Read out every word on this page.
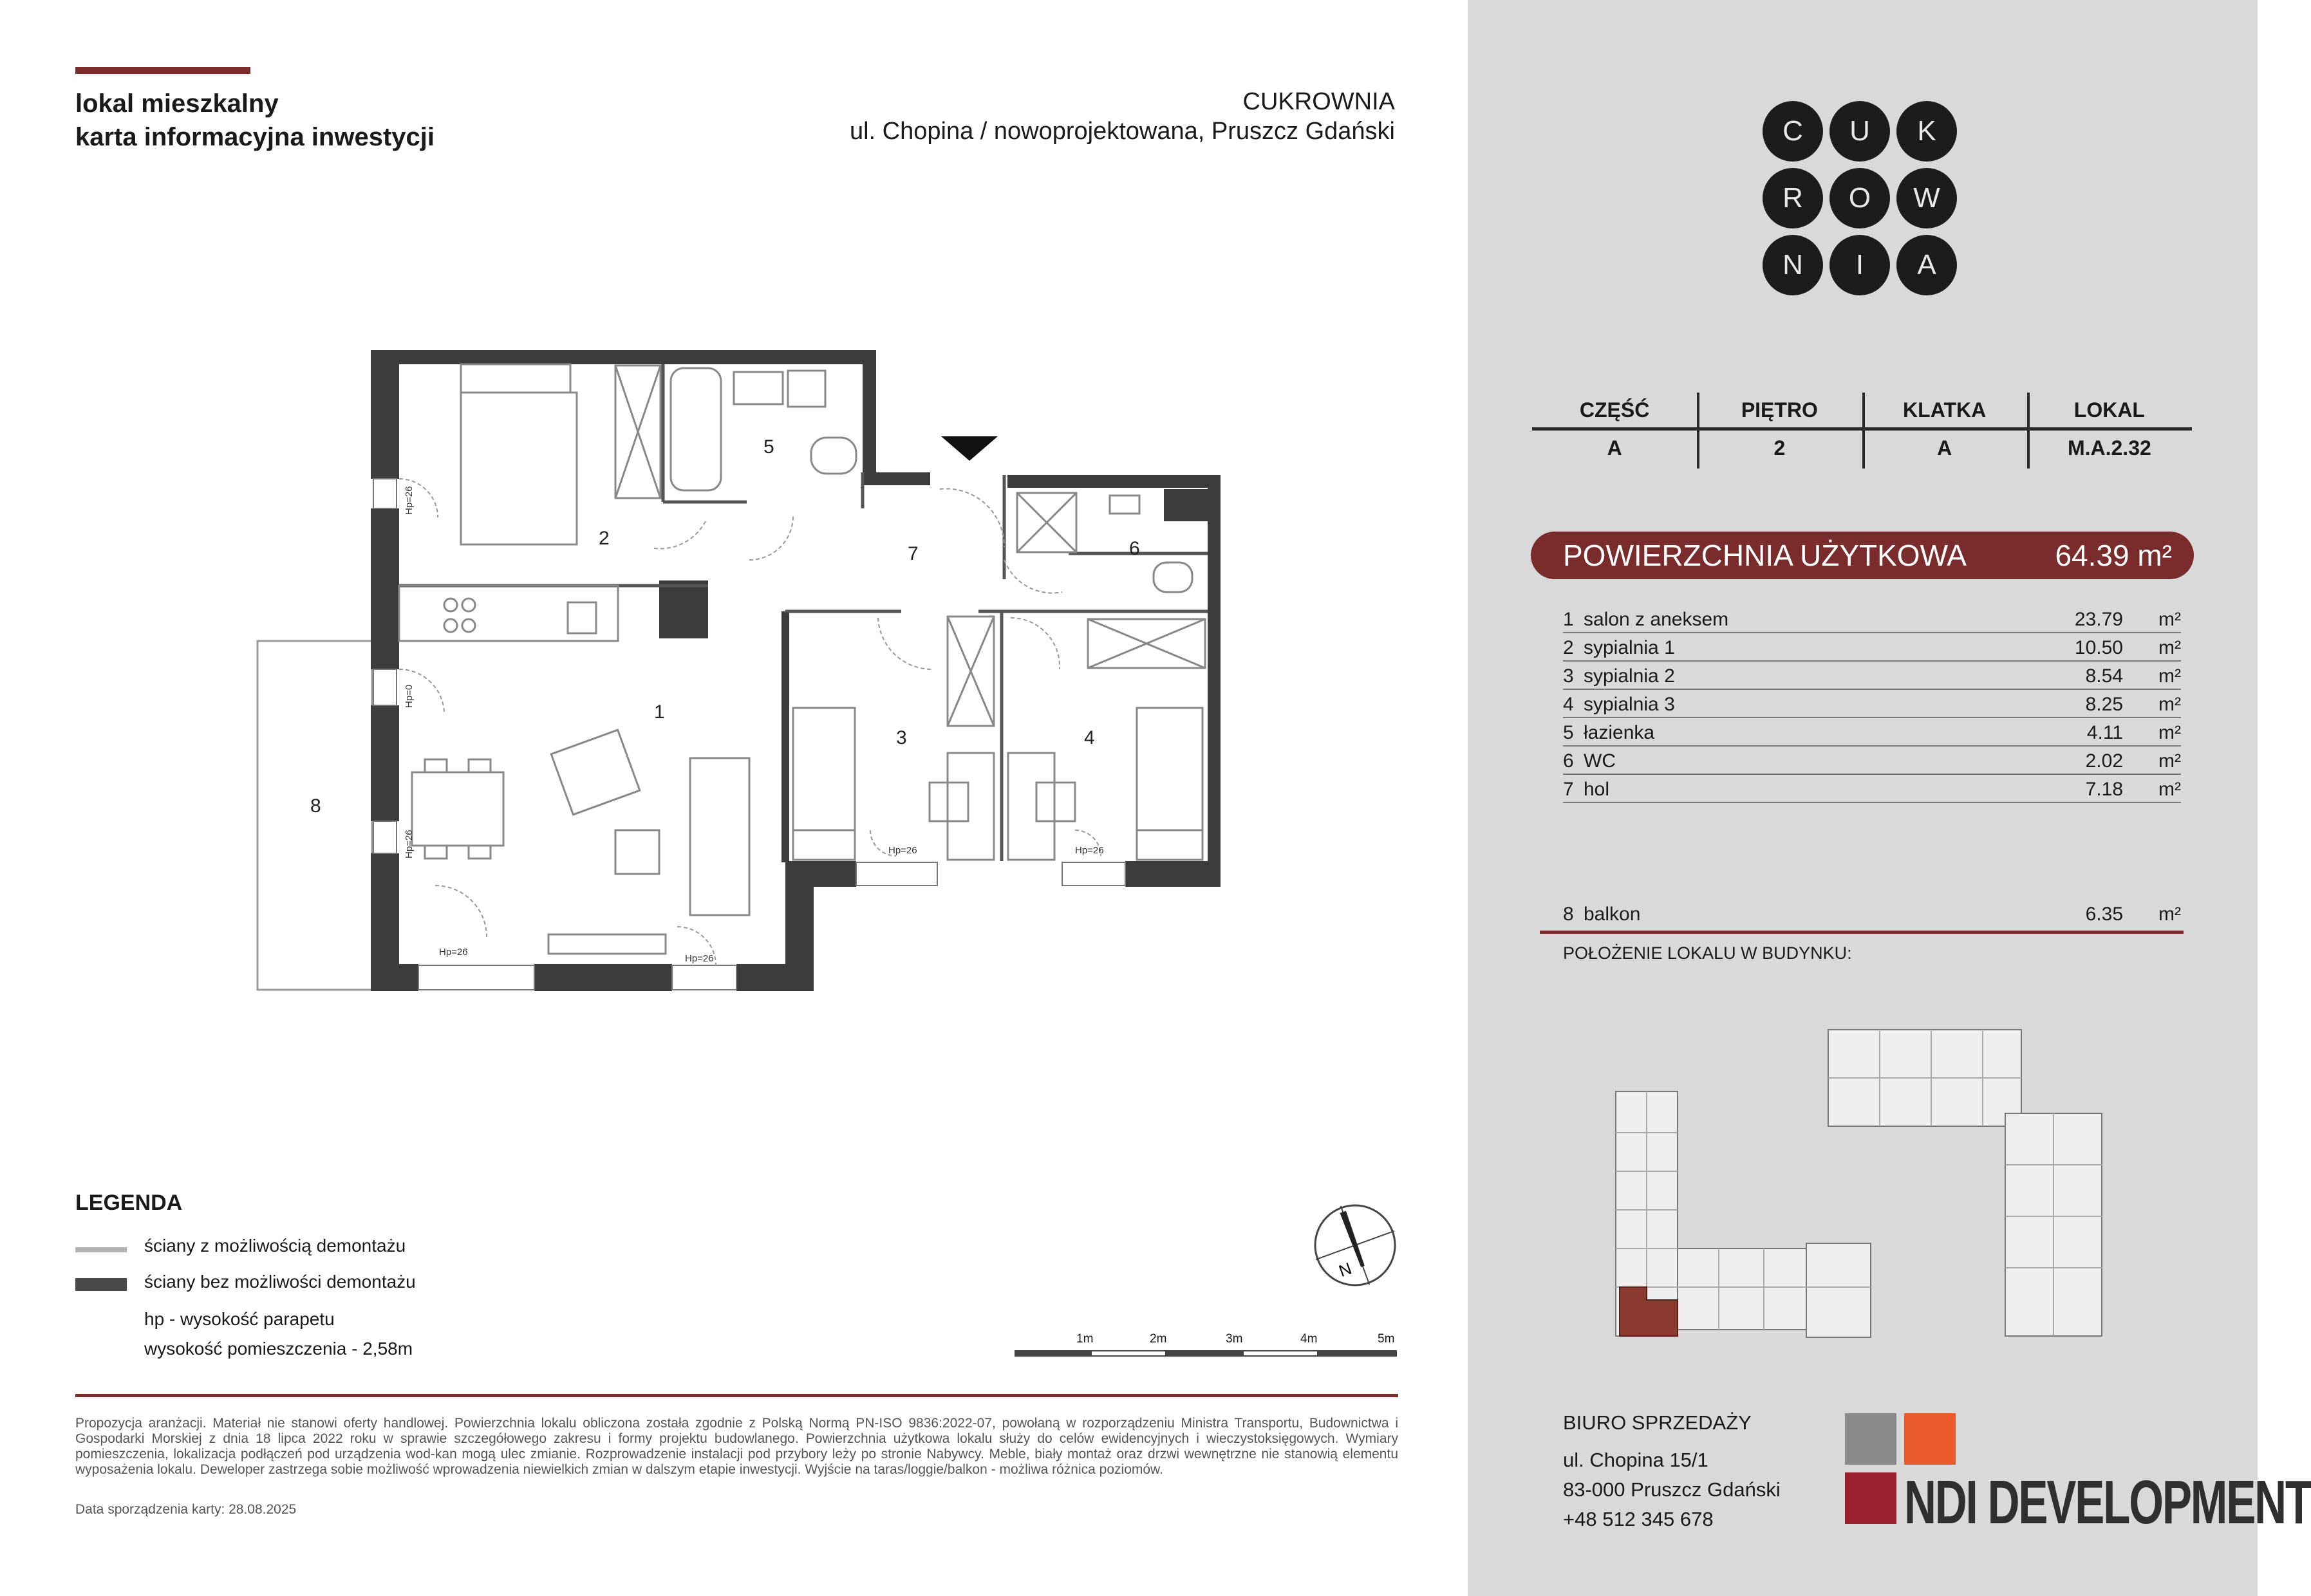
lokal mieszkalny
karta informacyjna inwestycji
CUKROWNIA
ul. Chopina / nowoprojektowana, Pruszcz Gdański
1
2
3	4
5
6
7
8
Hp=26
Hp=0
Hp=26
Hp=26
Hp=26
Hp=26	Hp=26
LEGENDA
ściany z możliwością demontażu
ściany bez możliwości demontażu
hp - wysokość parapetu
wysokość pomieszczenia - 2,58m
N
1m	2m	3m	4m	5m
Propozycja aranżacji. Materiał nie stanowi oferty handlowej. Powierzchnia lokalu obliczona została zgodnie z Polską Normą PN-ISO 9836:2022-07, powołaną w rozporządzeniu Ministra Transportu, Budownictwa i Gospodarki Morskiej z dnia 18 lipca 2022 roku w sprawie szczegółowego zakresu i formy projektu budowlanego. Powierzchnia użytkowa lokalu służy do celów ewidencyjnych i wieczystoksięgowych. Wymiary pomieszczenia, lokalizacja podłączeń pod urządzenia wod-kan mogą ulec zmianie. Rozprowadzenie instalacji pod przybory leży po stronie Nabywcy. Meble, biały montaż oraz drzwi wewnętrzne nie stanowią elementu wyposażenia lokalu. Deweloper zastrzega sobie możliwość wprowadzenia niewielkich zmian w dalszym etapie inwestycji. Wyjście na taras/loggie/balkon - możliwa różnica poziomów.
Data sporządzenia karty: 28.08.2025
C	U	K
R	O	W
N	I	A
CZĘŚĆ	PIĘTRO	KLATKA	LOKAL
A	2	A	M.A.2.32
POWIERZCHNIA UŻYTKOWA	64.39 m²
1 salon z aneksem	23.79	m²
2 sypialnia 1	10.50	m²
3 sypialnia 2	8.54	m²
4 sypialnia 3	8.25	m²
5 łazienka	4.11	m²
6 WC	2.02	m²
7 hol	7.18	m²
8 balkon	6.35	m²
POŁOŻENIE LOKALU W BUDYNKU:
BIURO SPRZEDAŻY
ul. Chopina 15/1
83-000 Pruszcz Gdański
+48 512 345 678	NDI DEVELOPMENT
